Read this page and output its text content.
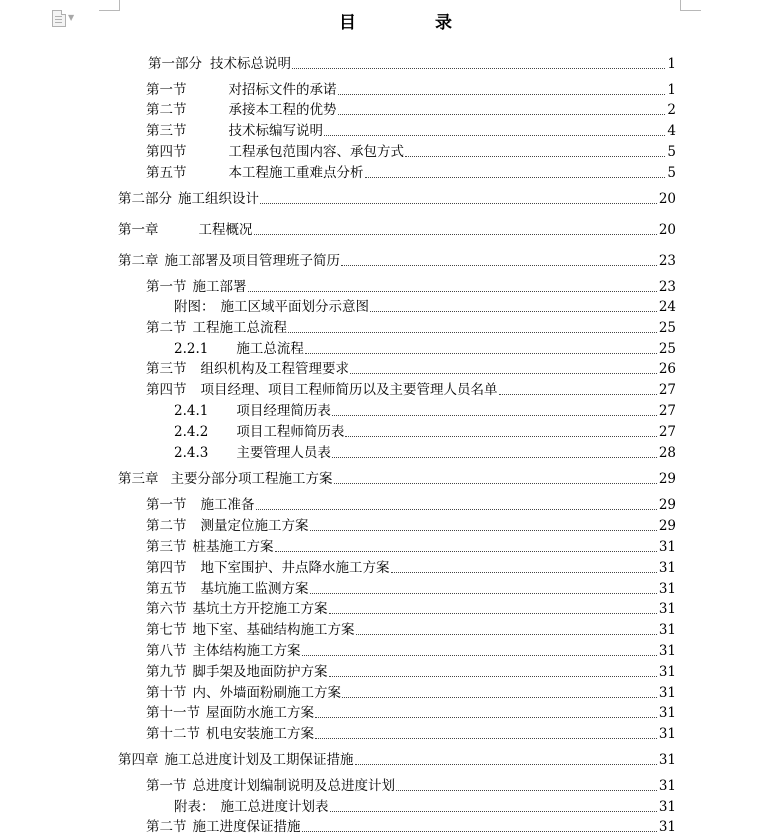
▼	目	录
第一部分 技术标总说明	1
第一节	对招标文件的承诺	1
第二节	承接本工程的优势	2
第三节	技术标编写说明	4
第四节	工程承包范围内容、承包方式	5
第五节	本工程施工重难点分析	5
第二部分 施工组织设计	20
第一章	工程概况	20
第二章 施工部署及项目管理班子简历	23
第一节 施工部署	23
附图： 施工区域平面划分示意图	24
第二节 工程施工总流程	25
2.2.1 施工总流程	25
第三节 组织机构及工程管理要求	26
第四节 项目经理、项目工程师简历以及主要管理人员名单	27
2.4.1 项目经理简历表	27
2.4.2 项目工程师简历表	27
2.4.3 主要管理人员表	28
第三章 主要分部分项工程施工方案	29
第一节 施工准备	29
第二节 测量定位施工方案	29
第三节 桩基施工方案	31
第四节 地下室围护、井点降水施工方案	31
第五节 基坑施工监测方案	31
第六节 基坑土方开挖施工方案	31
第七节 地下室、基础结构施工方案	31
第八节 主体结构施工方案	31
第九节 脚手架及地面防护方案	31
第十节 内、外墙面粉刷施工方案	31
第十一节 屋面防水施工方案	31
第十二节 机电安装施工方案	31
第四章 施工总进度计划及工期保证措施	31
第一节 总进度计划编制说明及总进度计划	31
附表： 施工总进度计划表	31
第二节 施工进度保证措施	31
